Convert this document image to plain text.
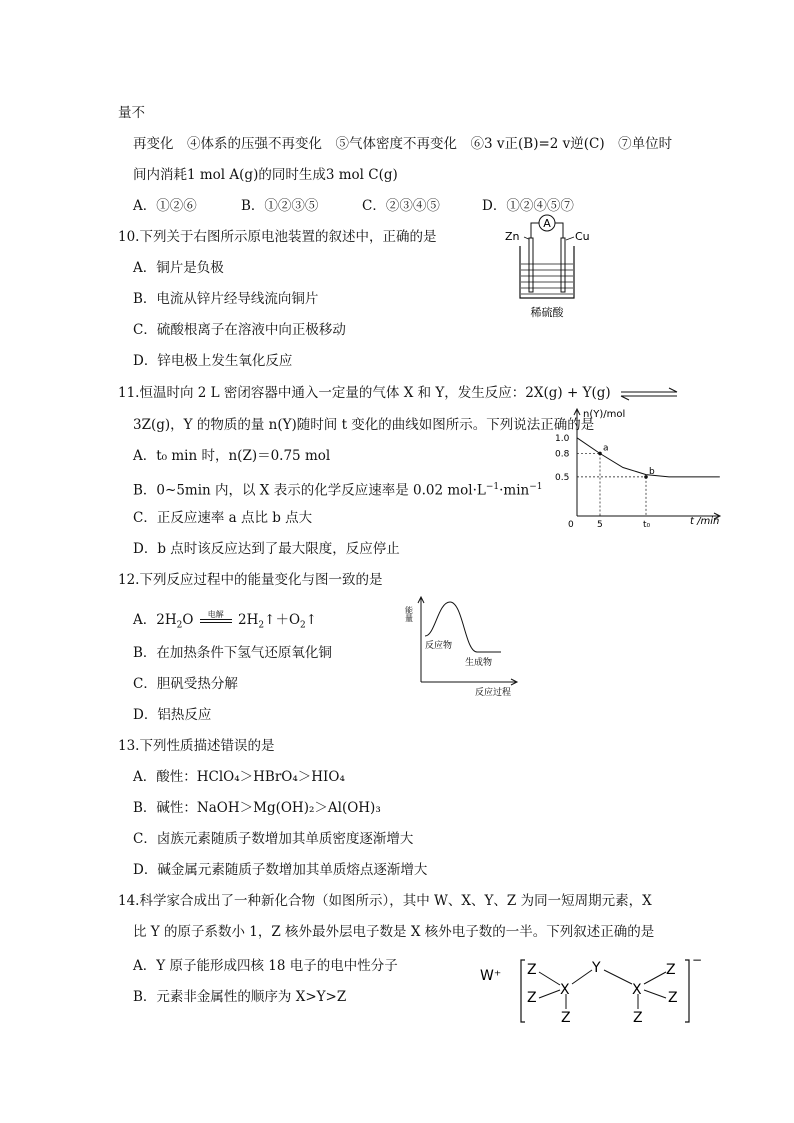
量不
再变化　④体系的压强不再变化　⑤气体密度不再变化　⑥3 v正(B)=2 v逆(C)　⑦单位时
间内消耗1 mol A(g)的同时生成3 mol C(g)
A．①②⑥	B．①②③⑤	C．②③④⑤	D．①②④⑤⑦
10.下列关于右图所示原电池装置的叙述中，正确的是
A．铜片是负极
B．电流从锌片经导线流向铜片
C．硫酸根离子在溶液中向正极移动
D．锌电极上发生氧化反应
A
Zn	Cu
稀硫酸
11.恒温时向 2 L 密闭容器中通入一定量的气体 X 和 Y，发生反应：2X(g) + Y(g) ⇌
3Z(g)，Y 的物质的量 n(Y)随时间 t 变化的曲线如图所示。下列说法正确的是
A．t₀ min 时，n(Z)＝0.75 mol
B．0~5min 内，以 X 表示的化学反应速率是 0.02 $mol\cdot L^{-1}\cdot\min^{-1}$
C．正反应速率 a 点比 b 点大
D．b 点时该反应达到了最大限度，反应停止
n(Y)/mol
t /min
1.0
0.8
0.5
0	5	t₀
a
b
12.下列反应过程中的能量变化与图一致的是
A．$2H_2O$	电解	$2H_2↑+O_2↑$
B．在加热条件下氢气还原氧化铜
C．胆矾受热分解
D．铝热反应
能量
反应物
生成物
反应过程
13.下列性质描述错误的是
A．酸性：HClO₄＞HBrO₄＞HIO₄
B．碱性：NaOH＞Mg(OH)₂＞Al(OH)₃
C．卤族元素随质子数增加其单质密度逐渐增大
D．碱金属元素随质子数增加其单质熔点逐渐增大
14.科学家合成出了一种新化合物（如图所示），其中 W、X、Y、Z 为同一短周期元素，X
比 Y 的原子系数小 1，Z 核外最外层电子数是 X 核外电子数的一半。下列叙述正确的是
A．Y 原子能形成四核 18 电子的电中性分子
B．元素非金属性的顺序为 X>Y>Z
W⁺
−
Z
X
Y
X
Z
Z
Z	Z
Z
